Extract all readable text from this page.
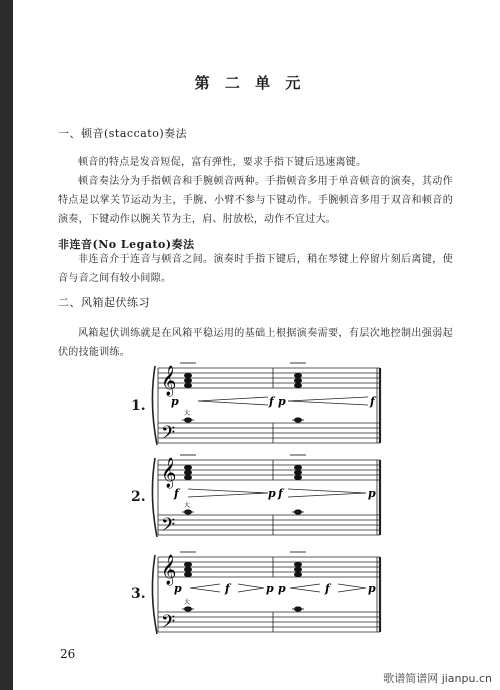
第 二 单 元
一、顿音(staccato)奏法

顿音的特点是发音短促，富有弹性，要求手指下键后迅速离键。

顿音奏法分为手指顿音和手腕顿音两种。手指顿音多用于单音顿音的演奏，其动作特点是以掌关节运动为主，手腕、小臂不参与下键动作。手腕顿音多用于双音和顿音的演奏，下键动作以腕关节为主，肩、肘放松，动作不宜过大。

非连音(No Legato)奏法

非连音介于连音与顿音之间。演奏时手指下键后，稍在琴键上停留片刻后离键，使音与音之间有较小间隙。

二、风箱起伏练习

风箱起伏训练就是在风箱平稳运用的基础上根据演奏需要，有层次地控制出强弱起伏的技能训练。

1.
𝄞
𝄢
p	f p	f
大
2.
𝄞
𝄢
f	p f	p
大
3.
𝄞
𝄢
p	f	p p	f	p
大
26
歌谱简谱网 jianpu.cn
